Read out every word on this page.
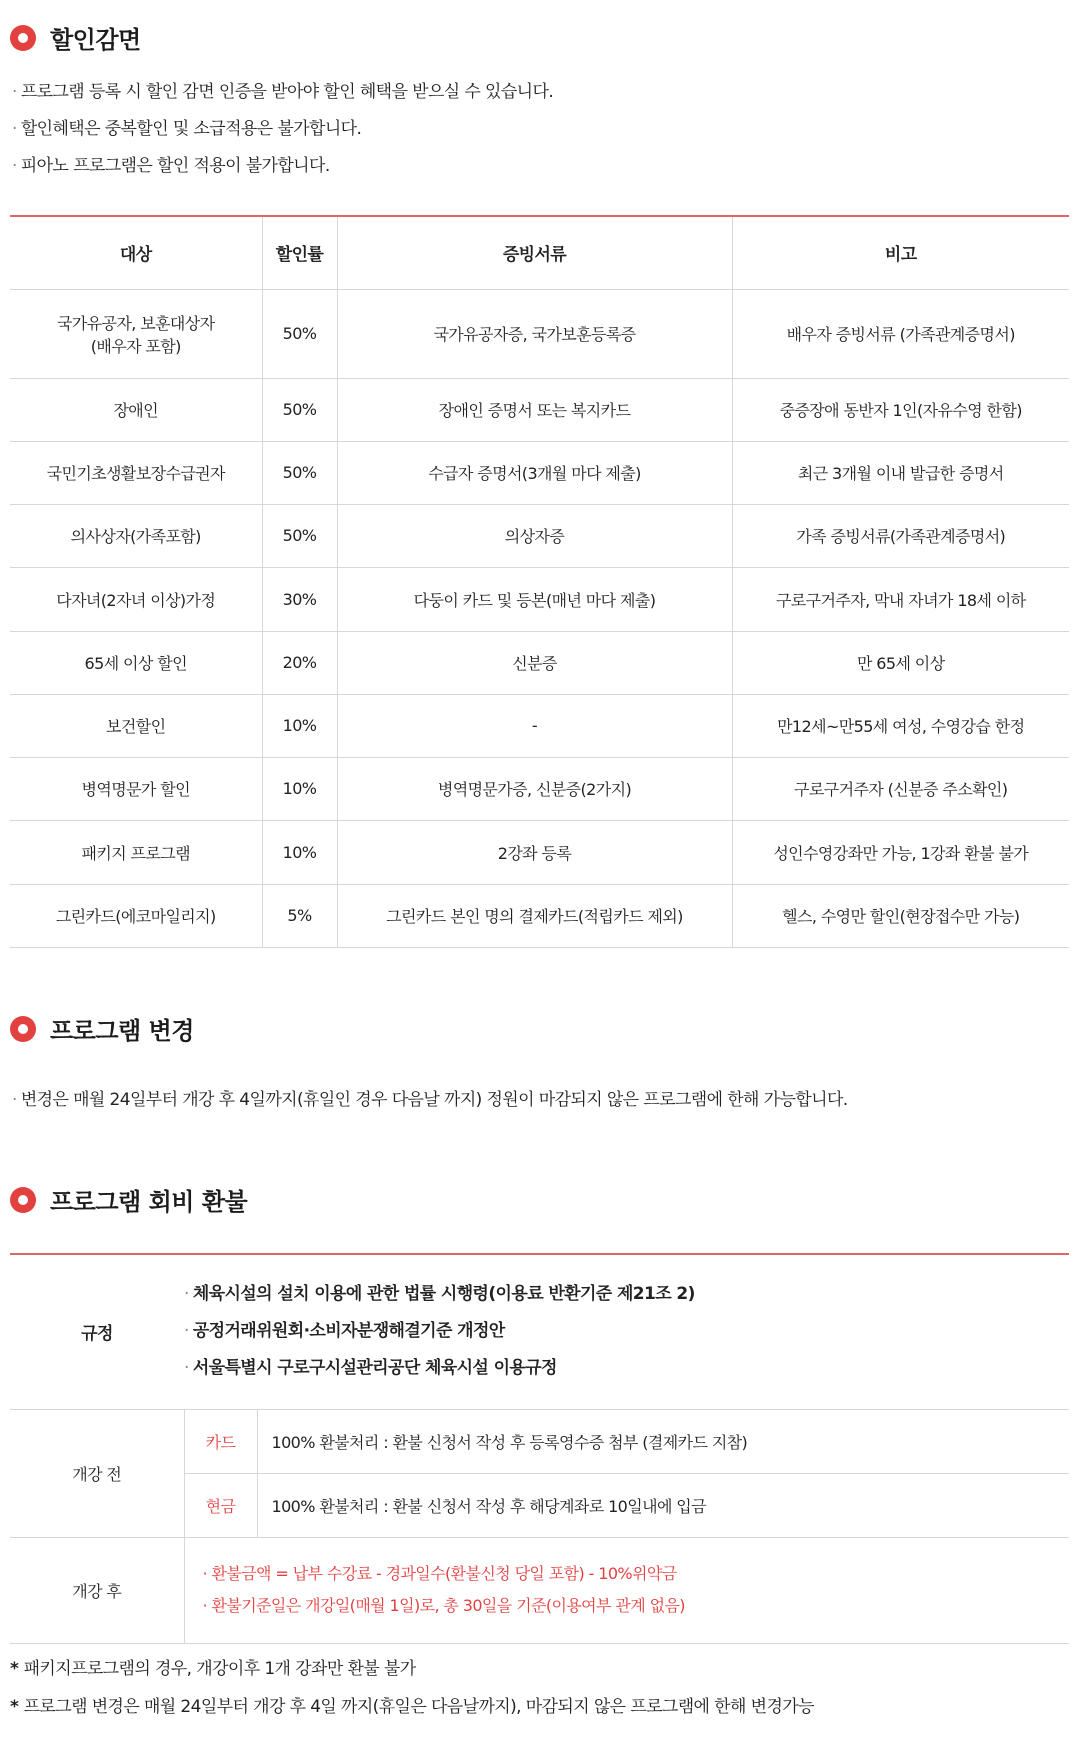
할인감면
· 프로그램 등록 시 할인 감면 인증을 받아야 할인 혜택을 받으실 수 있습니다.
· 할인혜택은 중복할인 및 소급적용은 불가합니다.
· 피아노 프로그램은 할인 적용이 불가합니다.
대상	할인률	증빙서류	비고

국가유공자, 보훈대상자
(배우자 포함)	50%	국가유공자증, 국가보훈등록증	배우자 증빙서류 (가족관계증명서)
장애인	50%	장애인 증명서 또는 복지카드	중증장애 동반자 1인(자유수영 한함)
국민기초생활보장수급권자	50%	수급자 증명서(3개월 마다 제출)	최근 3개월 이내 발급한 증명서
의사상자(가족포함)	50%	의상자증	가족 증빙서류(가족관계증명서)
다자녀(2자녀 이상)가정	30%	다둥이 카드 및 등본(매년 마다 제출)	구로구거주자, 막내 자녀가 18세 이하
65세 이상 할인	20%	신분증	만 65세 이상
보건할인	10%	-	만12세~만55세 여성, 수영강습 한정
병역명문가 할인	10%	병역명문가증, 신분증(2가지)	구로구거주자 (신분증 주소확인)
패키지 프로그램	10%	2강좌 등록	성인수영강좌만 가능, 1강좌 환불 불가
그린카드(에코마일리지)	5%	그린카드 본인 명의 결제카드(적립카드 제외)	헬스, 수영만 할인(현장접수만 가능)
프로그램 변경
· 변경은 매월 24일부터 개강 후 4일까지(휴일인 경우 다음날 까지) 정원이 마감되지 않은 프로그램에 한해 가능합니다.
프로그램 회비 환불
규정	· 체육시설의 설치 이용에 관한 법률 시행령(이용료 반환기준 제21조 2)
· 공정거래위원회·소비자분쟁해결기준 개정안
· 서울특별시 구로구시설관리공단 체육시설 이용규정

개강 전	카드	100% 환불처리 : 환불 신청서 작성 후 등록영수증 첨부 (결제카드 지참)
	현금	100% 환불처리 : 환불 신청서 작성 후 해당계좌로 10일내에 입금
개강 후	· 환불금액 = 납부 수강료 - 경과일수(환불신청 당일 포함) - 10%위약금
· 환불기준일은 개강일(매월 1일)로, 총 30일을 기준(이용여부 관계 없음)
* 패키지프로그램의 경우, 개강이후 1개 강좌만 환불 불가
* 프로그램 변경은 매월 24일부터 개강 후 4일 까지(휴일은 다음날까지), 마감되지 않은 프로그램에 한해 변경가능
